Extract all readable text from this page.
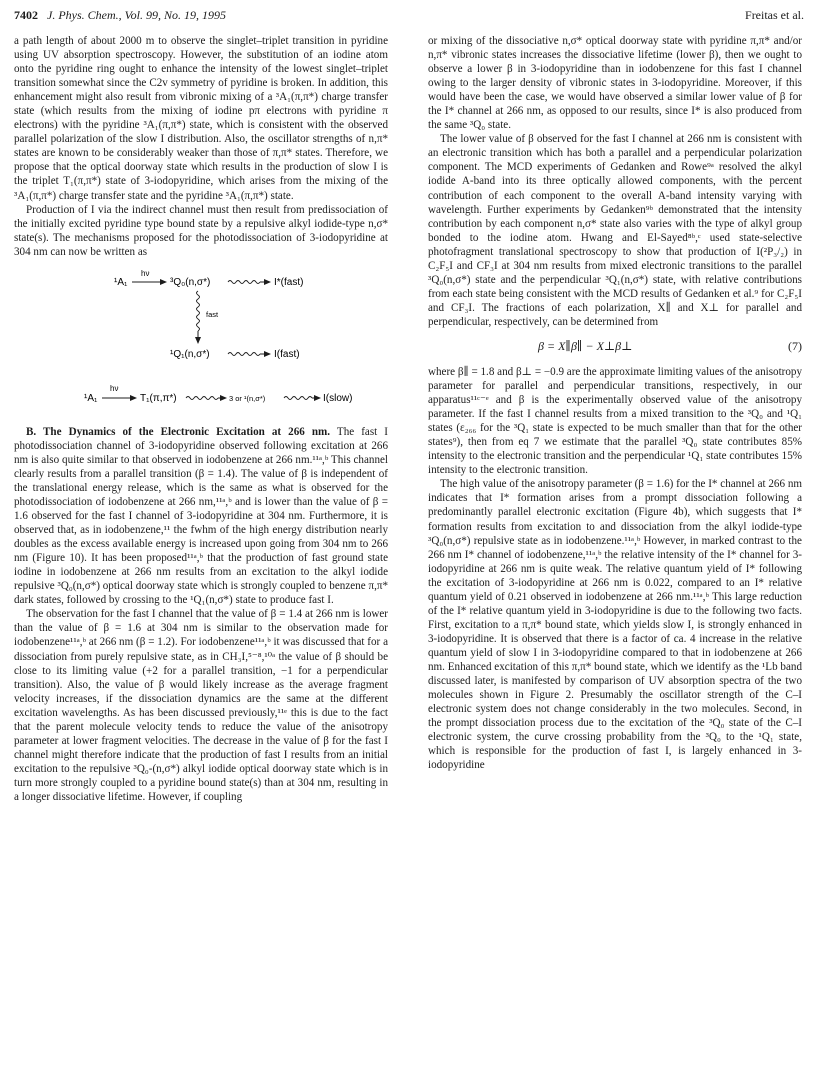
7402 J. Phys. Chem., Vol. 99, No. 19, 1995	Freitas et al.

a path length of about 2000 m to observe the singlet–triplet transition in pyridine using UV absorption spectroscopy. However, the substitution of an iodine atom onto the pyridine ring ought to enhance the intensity of the lowest singlet–triplet transition somewhat since the C2v symmetry of pyridine is broken. In addition, this enhancement might also result from vibronic mixing of a ³A₁(π,π*) charge transfer state (which results from the mixing of iodine pπ electrons with pyridine π electrons) with the pyridine ³A₁(π,π*) state, which is consistent with the observed parallel polarization of the slow I distribution. Also, the oscillator strengths of n,π* states are known to be considerably weaker than those of π,π* states. Therefore, we propose that the optical doorway state which results in the production of slow I is the triplet T₁(π,π*) state of 3-iodopyridine, which arises from the mixing of the ³A₁(π,π*) charge transfer state and the pyridine ³A₁(π,π*) state.

Production of I via the indirect channel must then result from predissociation of the initially excited pyridine type bound state by a repulsive alkyl iodide-type n,σ* state(s). The mechanisms proposed for the photodissociation of 3-iodopyridine at 304 nm can now be written as

¹A₁
hν
³Q₀(n,σ*)	I*(fast)
fast
¹Q₁(n,σ*)	I(fast)
¹A₁
hν
T₁(π,π*)	3 or ¹(n,σ*)	I(slow)

B. The Dynamics of the Electronic Excitation at 266 nm. The fast I photodissociation channel of 3-iodopyridine observed following excitation at 266 nm is also quite similar to that observed in iodobenzene at 266 nm.¹¹ᵃ,ᵇ This channel clearly results from a parallel transition (β = 1.4). The value of β is independent of the translational energy release, which is the same as what is observed for the photodissociation of iodobenzene at 266 nm,¹¹ᵃ,ᵇ and is lower than the value of β = 1.6 observed for the fast I channel of 3-iodopyridine at 304 nm. Furthermore, it is observed that, as in iodobenzene,¹¹ the fwhm of the high energy distribution nearly doubles as the excess available energy is increased upon going from 304 nm to 266 nm (Figure 10). It has been proposed¹¹ᵃ,ᵇ that the production of fast ground state iodine in iodobenzene at 266 nm results from an excitation to the alkyl iodide repulsive ³Q₀(n,σ*) optical doorway state which is strongly coupled to benzene π,π* dark states, followed by crossing to the ¹Q₁(n,σ*) state to produce fast I.

The observation for the fast I channel that the value of β = 1.4 at 266 nm is lower than the value of β = 1.6 at 304 nm is similar to the observation made for iodobenzene¹¹ᵃ,ᵇ at 266 nm (β = 1.2). For iodobenzene¹¹ᵃ,ᵇ it was discussed that for a dissociation from purely repulsive state, as in CH₃I,⁵⁻⁸,¹⁰ᵃ the value of β should be close to its limiting value (+2 for a parallel transition, −1 for a perpendicular transition). Also, the value of β would likely increase as the average fragment velocity increases, if the dissociation dynamics are the same at the different excitation wavelengths. As has been discussed previously,¹¹ᵉ this is due to the fact that the parent molecule velocity tends to reduce the value of the anisotropy parameter at lower fragment velocities. The decrease in the value of β for the fast I channel might therefore indicate that the production of fast I results from an initial excitation to the repulsive ³Q₀-(n,σ*) alkyl iodide optical doorway state which is in turn more strongly coupled to a pyridine bound state(s) than at 304 nm, resulting in a longer dissociative lifetime. However, if coupling

or mixing of the dissociative n,σ* optical doorway state with pyridine π,π* and/or n,π* vibronic states increases the dissociative lifetime (lower β), then we ought to observe a lower β in 3-iodopyridine than in iodobenzene for this fast I channel owing to the larger density of vibronic states in 3-iodopyridine. Moreover, if this would have been the case, we would have observed a similar lower value of β for the I* channel at 266 nm, as opposed to our results, since I* is also produced from the same ³Q₀ state.

The lower value of β observed for the fast I channel at 266 nm is consistent with an electronic transition which has both a parallel and a perpendicular polarization component. The MCD experiments of Gedanken and Rowe⁹ᵃ resolved the alkyl iodide A-band into its three optically allowed components, with the percent contribution of each component to the overall A-band intensity varying with wavelength. Further experiments by Gedanken⁹ᵇ demonstrated that the intensity contribution by each component n,σ* state also varies with the type of alkyl group bonded to the iodine atom. Hwang and El-Sayed⁸ᵇ,ᶜ used state-selective photofragment translational spectroscopy to show that production of I(²P₃/₂) in C₂F₅I and CF₃I at 304 nm results from mixed electronic transitions to the parallel ³Q₀(n,σ*) state and the perpendicular ³Q₁(n,σ*) state, with relative contributions from each state being consistent with the MCD results of Gedanken et al.⁹ for C₂F₅I and CF₃I. The fractions of each polarization, X∥ and X⊥ for parallel and perpendicular, respectively, can be determined from

β = X∥β∥ − X⊥β⊥	(7)

where β∥ = 1.8 and β⊥ = −0.9 are the approximate limiting values of the anisotropy parameter for parallel and perpendicular transitions, respectively, in our apparatus¹¹ᶜ⁻ᵉ and β is the experimentally observed value of the anisotropy parameter. If the fast I channel results from a mixed transition to the ³Q₀ and ¹Q₁ states (ε₂₆₆ for the ³Q₁ state is expected to be much smaller than that for the other states⁹), then from eq 7 we estimate that the parallel ³Q₀ state contributes 85% intensity to the electronic transition and the perpendicular ¹Q₁ state contributes 15% intensity to the electronic transition.

The high value of the anisotropy parameter (β = 1.6) for the I* channel at 266 nm indicates that I* formation arises from a prompt dissociation following a predominantly parallel electronic excitation (Figure 4b), which suggests that I* formation results from excitation to and dissociation from the alkyl iodide-type ³Q₀(n,σ*) repulsive state as in iodobenzene.¹¹ᵃ,ᵇ However, in marked contrast to the 266 nm I* channel of iodobenzene,¹¹ᵃ,ᵇ the relative intensity of the I* channel for 3-iodopyridine at 266 nm is quite weak. The relative quantum yield of I* following the excitation of 3-iodopyridine at 266 nm is 0.022, compared to an I* relative quantum yield of 0.21 observed in iodobenzene at 266 nm.¹¹ᵃ,ᵇ This large reduction of the I* relative quantum yield in 3-iodopyridine is due to the following two facts. First, excitation to a π,π* bound state, which yields slow I, is strongly enhanced in 3-iodopyridine. It is observed that there is a factor of ca. 4 increase in the relative quantum yield of slow I in 3-iodopyridine compared to that in iodobenzene at 266 nm. Enhanced excitation of this π,π* bound state, which we identify as the ¹Lb band discussed later, is manifested by comparison of UV absorption spectra of the two molecules shown in Figure 2. Presumably the oscillator strength of the C–I electronic system does not change considerably in the two molecules. Second, in the prompt dissociation process due to the excitation of the ³Q₀ state of the C–I electronic system, the curve crossing probability from the ³Q₀ to the ¹Q₁ state, which is responsible for the production of fast I, is largely enhanced in 3-iodopyridine
